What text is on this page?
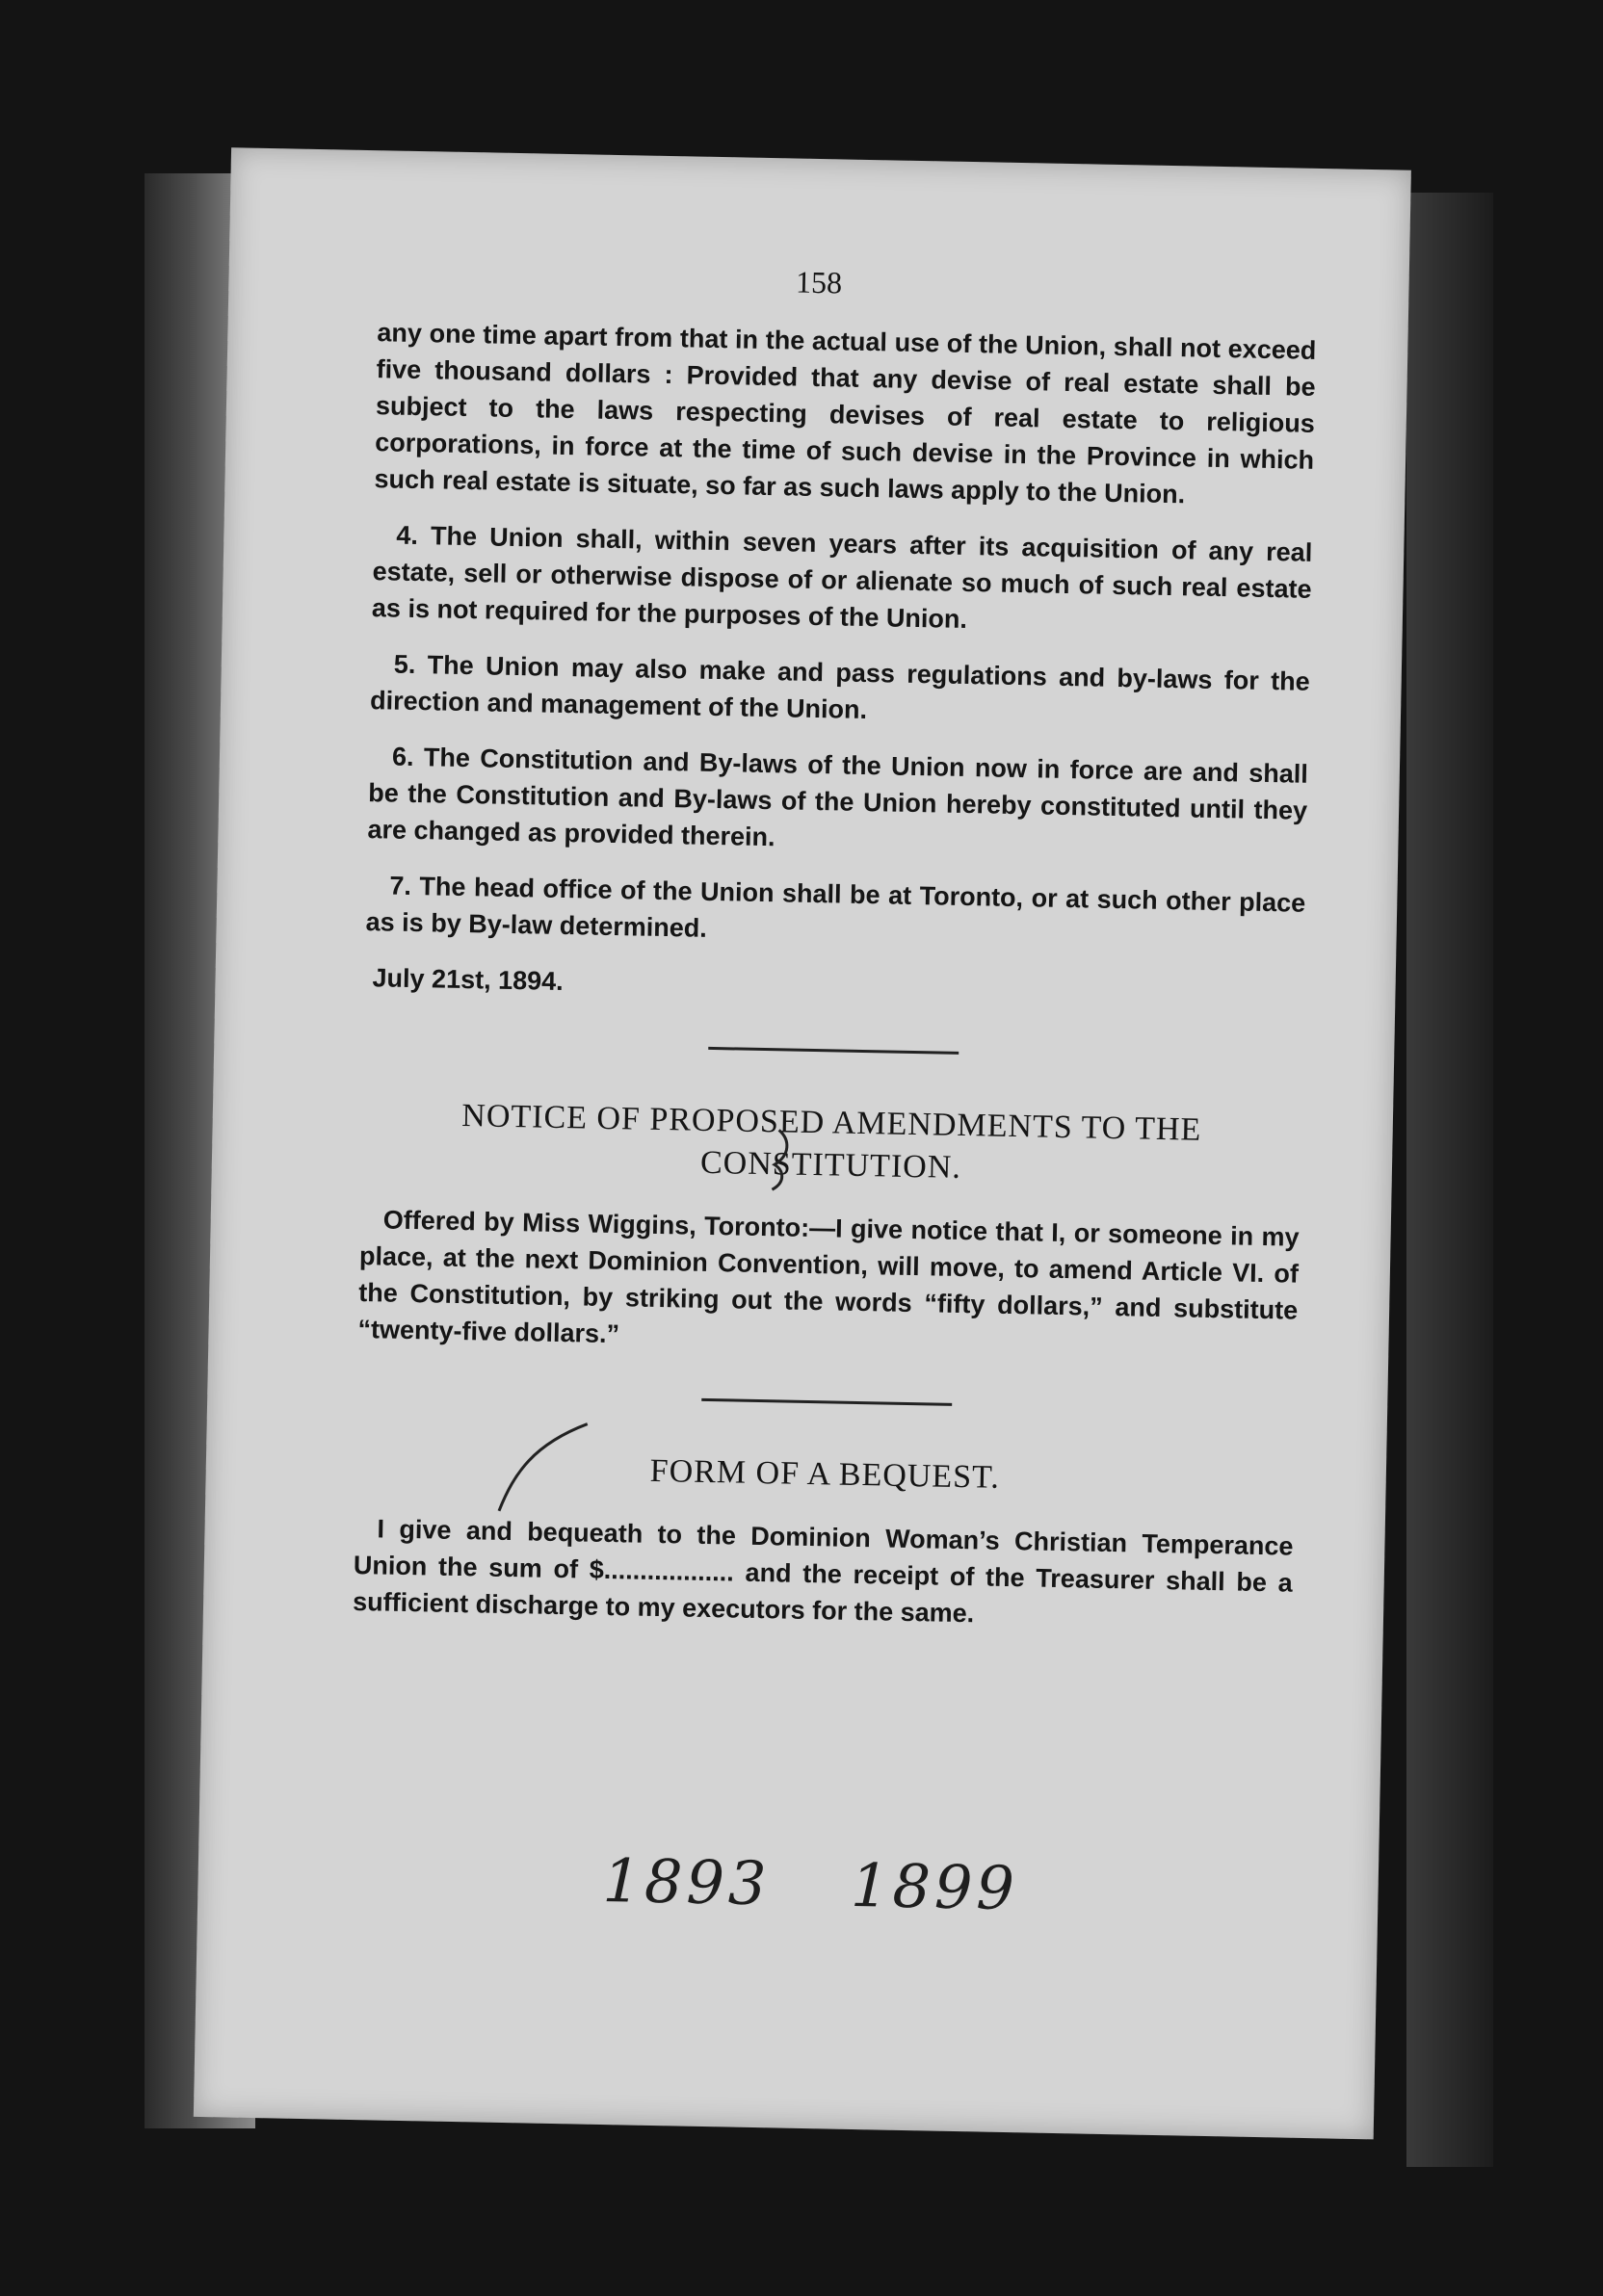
158

any one time apart from that in the actual use of the Union, shall not exceed five thousand dollars : Provided that any devise of real estate shall be subject to the laws respecting devises of real estate to religious corporations, in force at the time of such devise in the Province in which such real estate is situate, so far as such laws apply to the Union.

4. The Union shall, within seven years after its acquisition of any real estate, sell or otherwise dispose of or alienate so much of such real estate as is not required for the purposes of the Union.

5. The Union may also make and pass regulations and by-laws for the direction and management of the Union.

6. The Constitution and By-laws of the Union now in force are and shall be the Constitution and By-laws of the Union hereby constituted until they are changed as provided therein.

7. The head office of the Union shall be at Toronto, or at such other place as is by By-law determined.

July 21st, 1894.

NOTICE OF PROPOSED AMENDMENTS TO THE CONSTITUTION.

Offered by Miss Wiggins, Toronto:—I give notice that I, or someone in my place, at the next Dominion Convention, will move, to amend Article VI. of the Constitution, by striking out the words “fifty dollars,” and substitute “twenty-five dollars.”

FORM OF A BEQUEST.

I give and bequeath to the Dominion Woman’s Christian Temperance Union the sum of $.................. and the receipt of the Treasurer shall be a sufficient discharge to my executors for the same.

1893 1899
